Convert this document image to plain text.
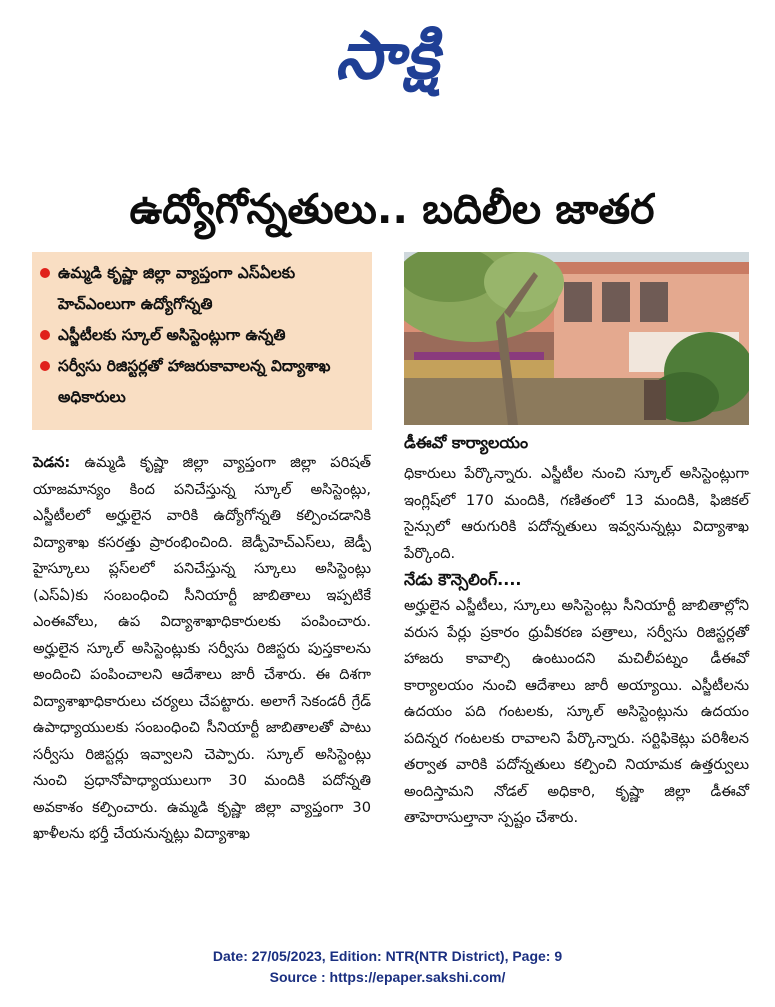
సాక్షి
ఉద్యోగోన్నతులు.. బదిలీల జాతర
ఉమ్మడి కృష్ణా జిల్లా వ్యాప్తంగా ఎస్‌ఏలకు హెచ్‌ఎంలుగా ఉద్యోగోన్నతి
ఎస్జీటీలకు స్కూల్ అసిస్టెంట్లుగా ఉన్నతి
సర్వీసు రిజిస్టర్లతో హాజరుకావాలన్న విద్యాశాఖ అధికారులు
డీఈవో కార్యాలయం

పెడన: ఉమ్మడి కృష్ణా జిల్లా వ్యాప్తంగా జిల్లా పరిషత్ యాజమాన్యం కింద పనిచేస్తున్న స్కూల్ అసిస్టెంట్లు, ఎస్జీటీలలో అర్హులైన వారికి ఉద్యోగోన్నతి కల్పించడానికి విద్యాశాఖ కసరత్తు ప్రారంభించింది. జెడ్పీహెచ్ఎస్‌లు, జెడ్పీ హైస్కూలు ప్లస్‌లలో పనిచేస్తున్న స్కూలు అసిస్టెంట్లు (ఎస్ఏ)కు సంబంధించి సీనియార్టీ జాబితాలు ఇప్పటికే ఎంఈవోలు, ఉప విద్యాశాఖాధికారులకు పంపించారు. అర్హులైన స్కూల్ అసిస్టెంట్లుకు సర్వీసు రిజిస్టరు పుస్తకాలను అందించి పంపించాలని ఆదేశాలు జారీ చేశారు. ఈ దిశగా విద్యాశాఖాధికారులు చర్యలు చేపట్టారు. అలాగే సెకండరీ గ్రేడ్ ఉపాధ్యాయులకు సంబంధించి సీనియార్టీ జాబితాలతో పాటు సర్వీసు రిజిస్టర్లు ఇవ్వాలని చెప్పారు. స్కూల్ అసిస్టెంట్లు నుంచి ప్రధానోపాధ్యాయులుగా 30 మందికి పదోన్నతి అవకాశం కల్పించారు. ఉమ్మడి కృష్ణా జిల్లా వ్యాప్తంగా 30 ఖాళీలను భర్తీ చేయనున్నట్లు విద్యాశాఖ

ధికారులు పేర్కొన్నారు. ఎస్జీటీల నుంచి స్కూల్ అసిస్టెంట్లుగా ఇంగ్లిష్‌లో 170 మందికి, గణితంలో 13 మందికి, ఫిజికల్ సైన్సులో ఆరుగురికి పదోన్నతులు ఇవ్వనున్నట్లు విద్యాశాఖ పేర్కొంది.

నేడు కౌన్సెలింగ్....

అర్హులైన ఎస్జీటీలు, స్కూలు అసిస్టెంట్లు సీనియార్టీ జాబితాల్లోని వరుస పేర్లు ప్రకారం ధ్రువీకరణ పత్రాలు, సర్వీసు రిజిస్టర్లతో హాజరు కావాల్సి ఉంటుందని మచిలీపట్నం డీఈవో కార్యాలయం నుంచి ఆదేశాలు జారీ అయ్యాయి. ఎస్జీటీలను ఉదయం పది గంటలకు, స్కూల్ అసిస్టెంట్లును ఉదయం పదిన్నర గంటలకు రావాలని పేర్కొన్నారు. సర్టిఫికెట్లు పరిశీలన తర్వాత వారికి పదోన్నతులు కల్పించి నియామక ఉత్తర్వులు అందిస్తామని నోడల్ అధికారి, కృష్ణా జిల్లా డీఈవో తాహెరాసుల్తానా స్పష్టం చేశారు.

Date: 27/05/2023, Edition: NTR(NTR District), Page: 9
Source : https://epaper.sakshi.com/
